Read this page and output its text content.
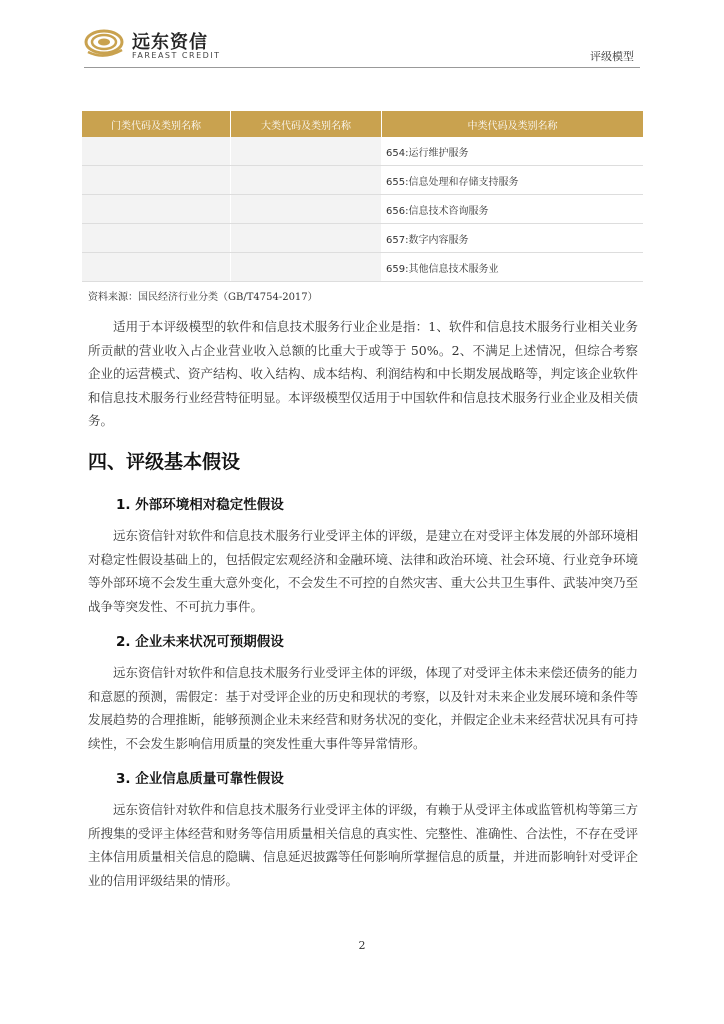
远东资信
FAREAST CREDIT	评级模型
门类代码及类别名称	大类代码及类别名称	中类代码及类别名称
		654:运行维护服务
		655:信息处理和存储支持服务
		656:信息技术咨询服务
		657:数字内容服务
		659:其他信息技术服务业
资料来源：国民经济行业分类（GB/T4754-2017）

适用于本评级模型的软件和信息技术服务行业企业是指：1、软件和信息技术服务行业相关业务所贡献的营业收入占企业营业收入总额的比重大于或等于 50%。2、不满足上述情况，但综合考察企业的运营模式、资产结构、收入结构、成本结构、利润结构和中长期发展战略等，判定该企业软件和信息技术服务行业经营特征明显。本评级模型仅适用于中国软件和信息技术服务行业企业及相关债务。

四、评级基本假设
1. 外部环境相对稳定性假设

远东资信针对软件和信息技术服务行业受评主体的评级，是建立在对受评主体发展的外部环境相对稳定性假设基础上的，包括假定宏观经济和金融环境、法律和政治环境、社会环境、行业竞争环境等外部环境不会发生重大意外变化，不会发生不可控的自然灾害、重大公共卫生事件、武装冲突乃至战争等突发性、不可抗力事件。

2. 企业未来状况可预期假设

远东资信针对软件和信息技术服务行业受评主体的评级，体现了对受评主体未来偿还债务的能力和意愿的预测，需假定：基于对受评企业的历史和现状的考察，以及针对未来企业发展环境和条件等发展趋势的合理推断，能够预测企业未来经营和财务状况的变化，并假定企业未来经营状况具有可持续性，不会发生影响信用质量的突发性重大事件等异常情形。

3. 企业信息质量可靠性假设

远东资信针对软件和信息技术服务行业受评主体的评级，有赖于从受评主体或监管机构等第三方所搜集的受评主体经营和财务等信用质量相关信息的真实性、完整性、准确性、合法性，不存在受评主体信用质量相关信息的隐瞒、信息延迟披露等任何影响所掌握信息的质量，并进而影响针对受评企业的信用评级结果的情形。

2
